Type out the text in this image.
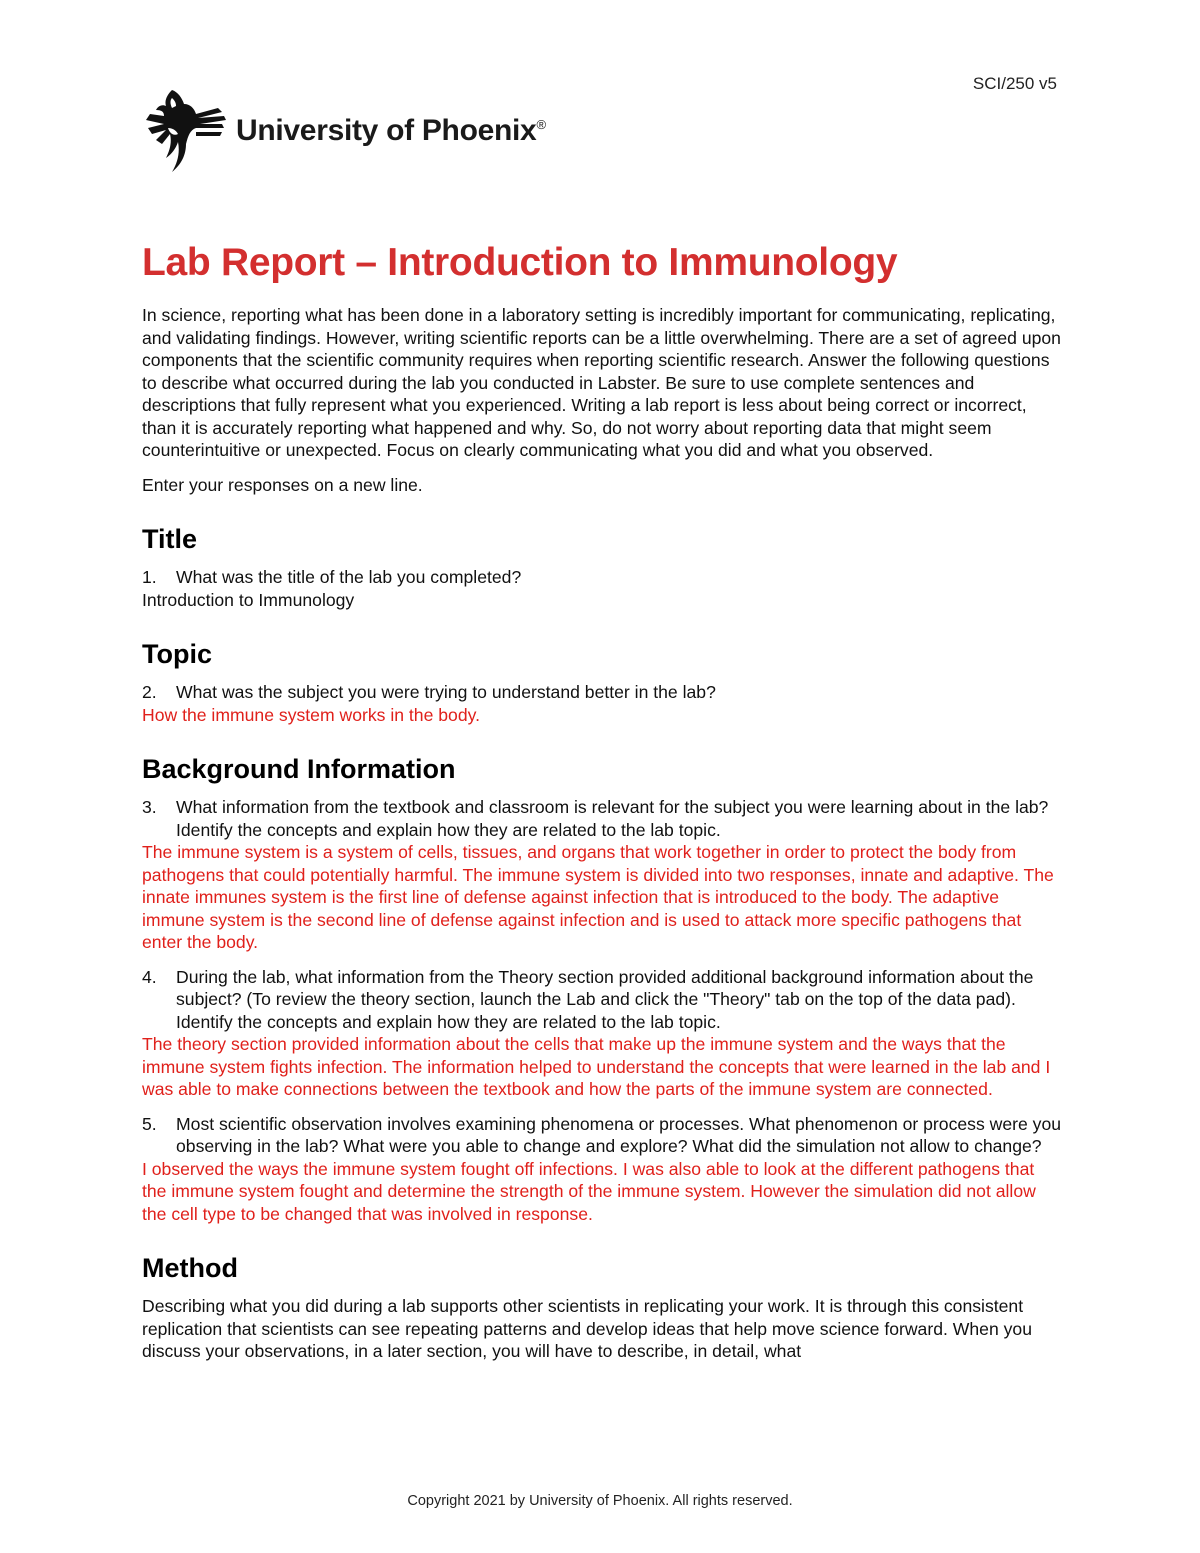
SCI/250 v5
University of Phoenix®
Lab Report – Introduction to Immunology

In science, reporting what has been done in a laboratory setting is incredibly important for communicating, replicating, and validating findings. However, writing scientific reports can be a little overwhelming. There are a set of agreed upon components that the scientific community requires when reporting scientific research. Answer the following questions to describe what occurred during the lab you conducted in Labster. Be sure to use complete sentences and descriptions that fully represent what you experienced. Writing a lab report is less about being correct or incorrect, than it is accurately reporting what happened and why. So, do not worry about reporting data that might seem counterintuitive or unexpected. Focus on clearly communicating what you did and what you observed.

Enter your responses on a new line.

Title
1.	What was the title of the lab you completed?

Introduction to Immunology

Topic
2.	What was the subject you were trying to understand better in the lab?

How the immune system works in the body.

Background Information
3.	What information from the textbook and classroom is relevant for the subject you were learning about in the lab? Identify the concepts and explain how they are related to the lab topic.

The immune system is a system of cells, tissues, and organs that work together in order to protect the body from pathogens that could potentially harmful. The immune system is divided into two responses, innate and adaptive. The innate immunes system is the first line of defense against infection that is introduced to the body. The adaptive immune system is the second line of defense against infection and is used to attack more specific pathogens that enter the body.

4.	During the lab, what information from the Theory section provided additional background information about the subject? (To review the theory section, launch the Lab and click the "Theory" tab on the top of the data pad). Identify the concepts and explain how they are related to the lab topic.

The theory section provided information about the cells that make up the immune system and the ways that the immune system fights infection. The information helped to understand the concepts that were learned in the lab and I was able to make connections between the textbook and how the parts of the immune system are connected.

5.	Most scientific observation involves examining phenomena or processes. What phenomenon or process were you observing in the lab? What were you able to change and explore? What did the simulation not allow to change?

I observed the ways the immune system fought off infections. I was also able to look at the different pathogens that the immune system fought and determine the strength of the immune system. However the simulation did not allow the cell type to be changed that was involved in response.

Method

Describing what you did during a lab supports other scientists in replicating your work. It is through this consistent replication that scientists can see repeating patterns and develop ideas that help move science forward. When you discuss your observations, in a later section, you will have to describe, in detail, what

Copyright 2021 by University of Phoenix. All rights reserved.
